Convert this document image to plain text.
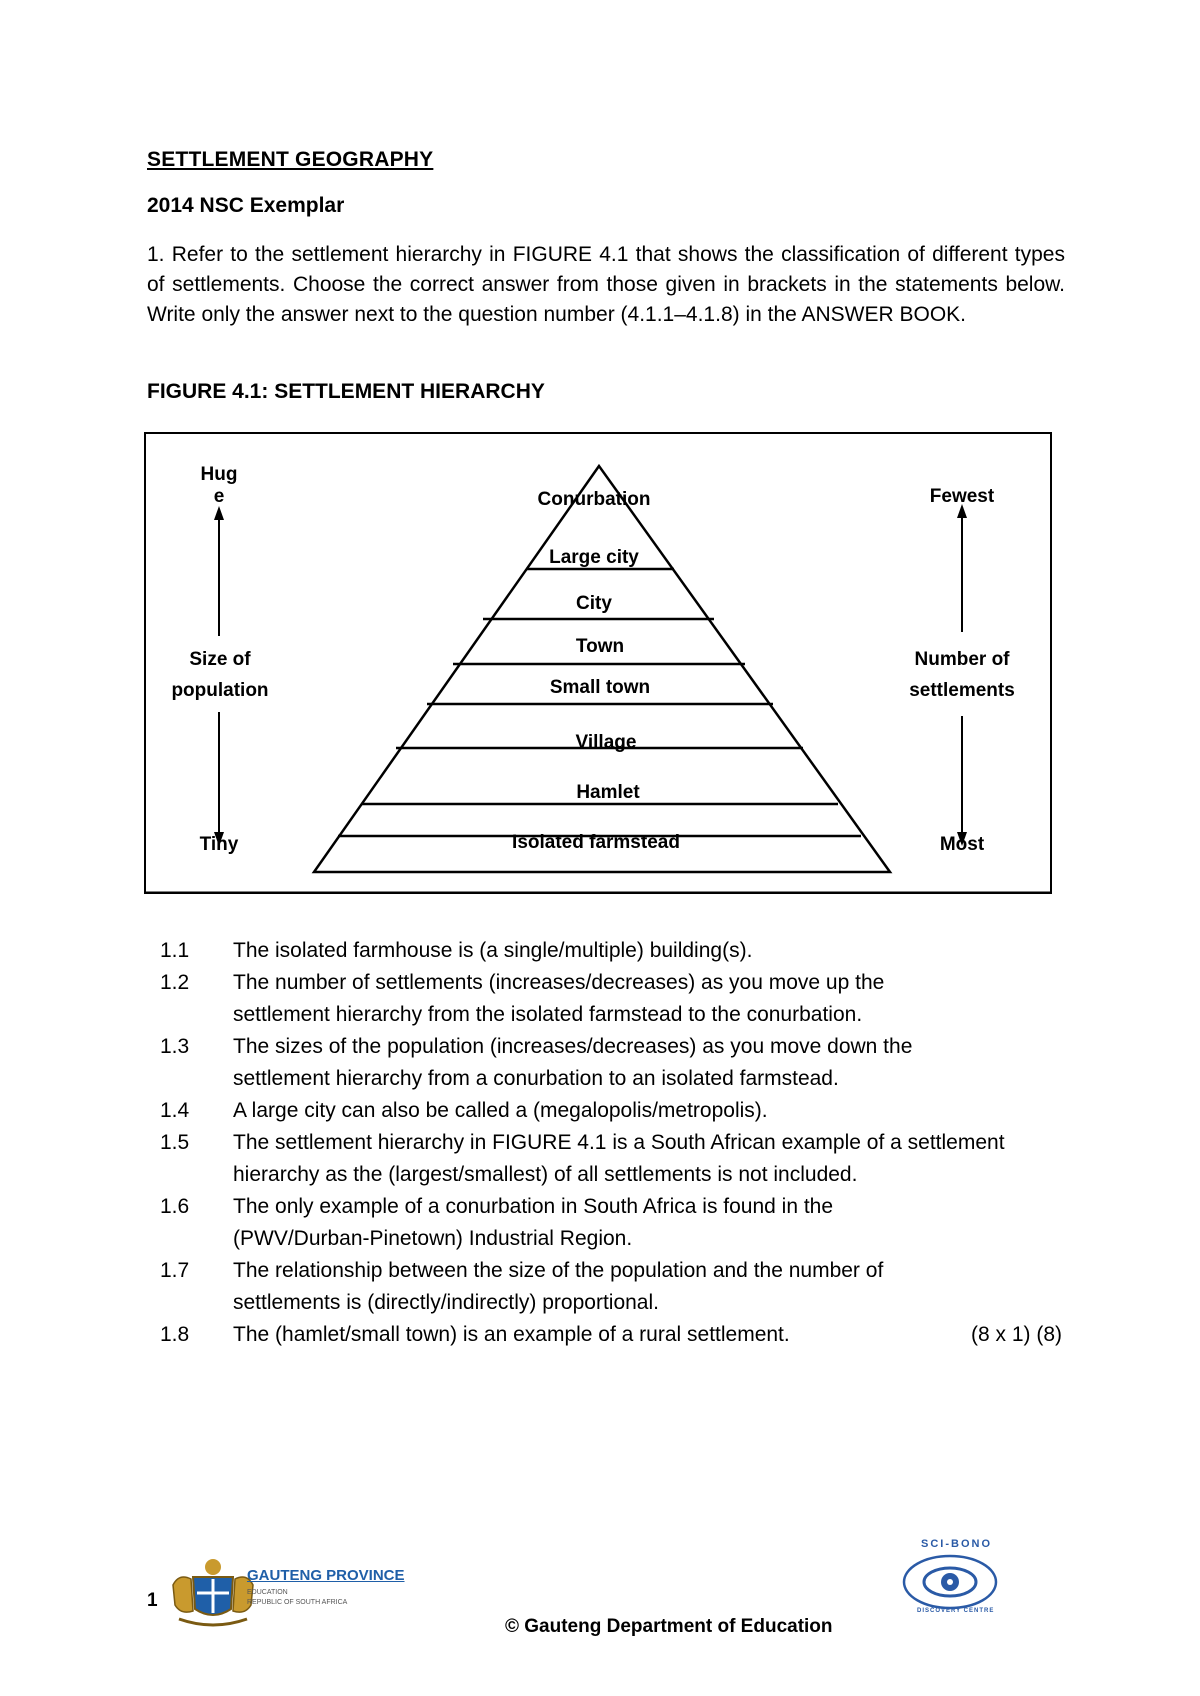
SETTLEMENT GEOGRAPHY
2014 NSC Exemplar
1. Refer to the settlement hierarchy in FIGURE 4.1 that shows the classification of different types of settlements. Choose the correct answer from those given in brackets in the statements below. Write only the answer next to the question number (4.1.1–4.1.8) in the ANSWER BOOK.
FIGURE 4.1: SETTLEMENT HIERARCHY
Hug
e
Size of
population
Tiny
Fewest
Number of
settlements
Most
Conurbation
Large city
City
Town
Small town
Village
Hamlet
Isolated farmstead
1.1	The isolated farmhouse is (a single/multiple) building(s).
1.2	The number of settlements (increases/decreases) as you move up the settlement hierarchy from the isolated farmstead to the conurbation.
1.3	The sizes of the population (increases/decreases) as you move down the settlement hierarchy from a conurbation to an isolated farmstead.
1.4	A large city can also be called a (megalopolis/metropolis).
1.5	The settlement hierarchy in FIGURE 4.1 is a South African example of a settlement hierarchy as the (largest/smallest) of all settlements is not included.
1.6	The only example of a conurbation in South Africa is found in the (PWV/Durban-Pinetown) Industrial Region.
1.7	The relationship between the size of the population and the number of settlements is (directly/indirectly) proportional.
1.8	The (hamlet/small town) is an example of a rural settlement.	(8 x 1) (8)
1
GAUTENG PROVINCE
EDUCATION
REPUBLIC OF SOUTH AFRICA
SCI-BONO
DISCOVERY CENTRE
© Gauteng Department of Education
